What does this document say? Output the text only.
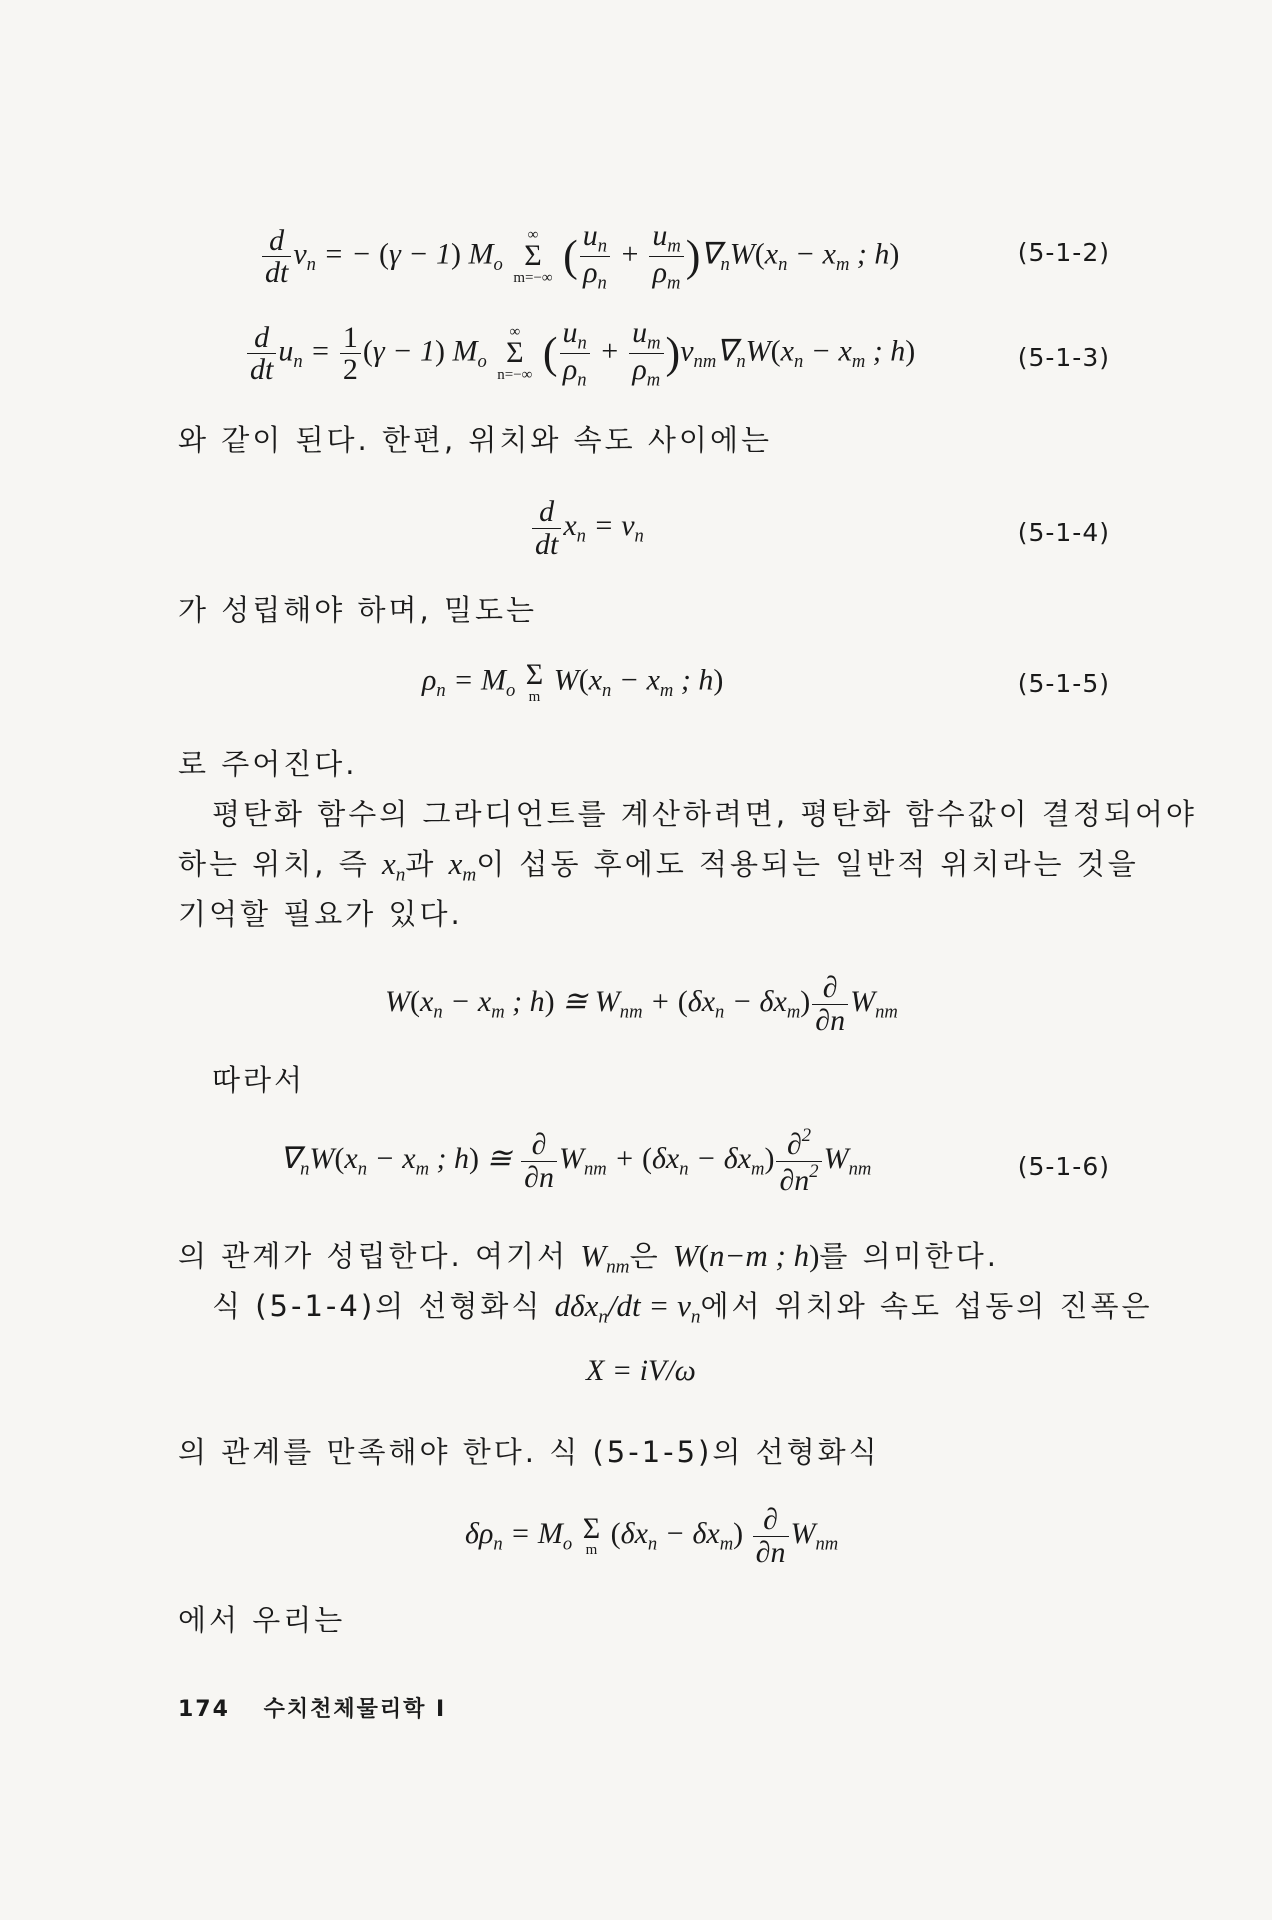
$\frac{d}{dt} v_n$ = − (γ − 1) $M_o$
∞
Σ
m=−∞ ( $\frac{u_n}{\rho_n} + \frac{u_m}{\rho_m} )\nabla_nW(x_n - x_m$ ; h)	(5-1-2)
$\frac{d}{dt} u_n = \frac{1}{2} (\gamma - 1)$ $M_o$
∞
Σ
n=−∞ ( $\frac{u_n}{\rho_n} + \frac{u_m}{\rho_m} )v_{nm}\nabla_nW(x_n - x_m$ ; h)	(5-1-3)
와 같이 된다. 한편, 위치와 속도 사이에는
$\frac{d}{dt} x_n = v_n$	(5-1-4)
가 성립해야 하며, 밀도는
$\rho_n = M_o$ Σ
m
$W(x_n - x_m$ ; h)	(5-1-5)
로 주어진다.
평탄화 함수의 그라디언트를 계산하려면, 평탄화 함수값이 결정되어야
하는 위치, 즉 $x_n$과 $x_m$이 섭동 후에도 적용되는 일반적 위치라는 것을
기억할 필요가 있다.
$W(x_n - x_m$ ; h) ≅ $W_{nm} + (\delta x_n - \delta x_m) \frac{\partial}{\partial n} W_{nm}$
따라서
$\nabla_nW(x_n - x_m$ ; h) ≅ $\frac{\partial}{\partial n} W_{nm} + (\delta x_n - \delta x_m) \frac{\partial^2}{\partial n^2} W_{nm}$	(5-1-6)
의 관계가 성립한다. 여기서 $W_{nm}$은 W(n−m ; h)를 의미한다.
식 (5-1-4)의 선형화식 $d\delta x_n/dt = v_n$에서 위치와 속도 섭동의 진폭은
X = iV/ω
의 관계를 만족해야 한다. 식 (5-1-5)의 선형화식
$\delta\rho_n = M_o$ Σ
m
$(\delta x_n - \delta x_m) \frac{\partial}{\partial n} W_{nm}$
에서 우리는
174 수치천체물리학 I
